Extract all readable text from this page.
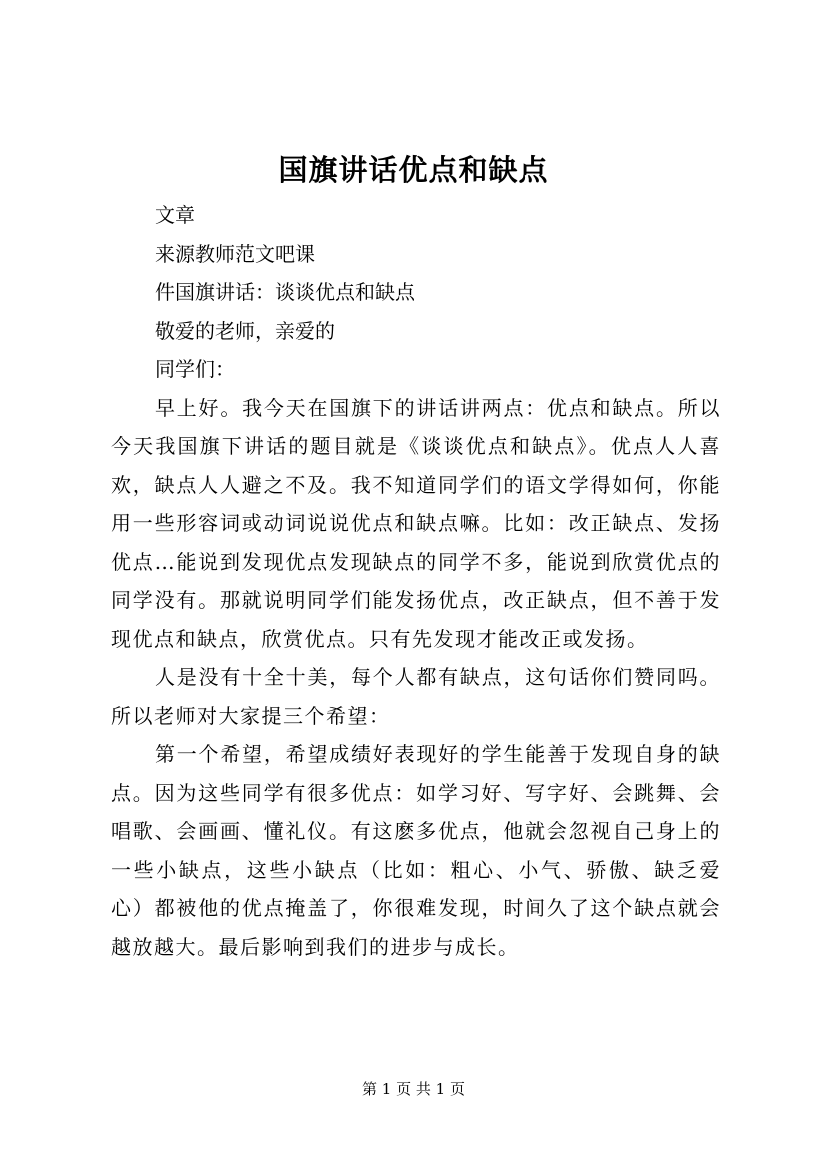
国旗讲话优点和缺点

文章

来源教师范文吧课

件国旗讲话：谈谈优点和缺点

敬爱的老师，亲爱的

同学们：

早上好。我今天在国旗下的讲话讲两点：优点和缺点。所以今天我国旗下讲话的题目就是《谈谈优点和缺点》。优点人人喜欢，缺点人人避之不及。我不知道同学们的语文学得如何，你能用一些形容词或动词说说优点和缺点嘛。比如：改正缺点、发扬优点…能说到发现优点发现缺点的同学不多，能说到欣赏优点的同学没有。那就说明同学们能发扬优点，改正缺点，但不善于发现优点和缺点，欣赏优点。只有先发现才能改正或发扬。

人是没有十全十美，每个人都有缺点，这句话你们赞同吗。所以老师对大家提三个希望：

第一个希望，希望成绩好表现好的学生能善于发现自身的缺点。因为这些同学有很多优点：如学习好、写字好、会跳舞、会唱歌、会画画、懂礼仪。有这麽多优点，他就会忽视自己身上的一些小缺点，这些小缺点（比如：粗心、小气、骄傲、缺乏爱心）都被他的优点掩盖了，你很难发现，时间久了这个缺点就会越放越大。最后影响到我们的进步与成长。

第 1 页 共 1 页
